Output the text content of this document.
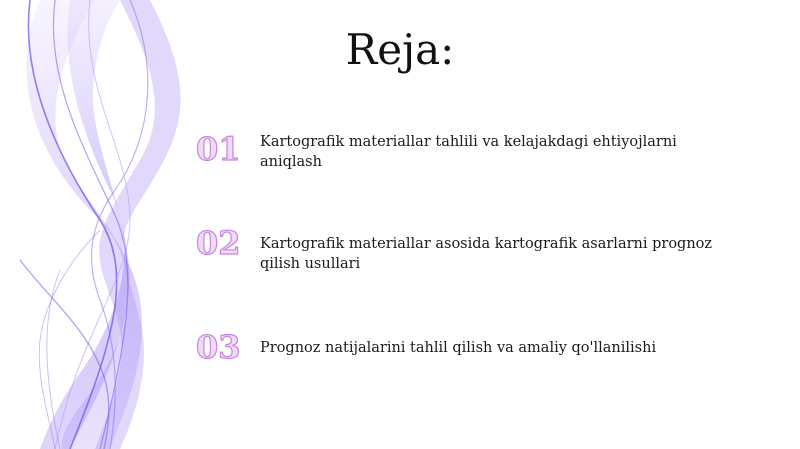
Reja:
01 Kartografik materiallar tahlili va kelajakdagi ehtiyojlarni aniqlash
02 Kartografik materiallar asosida kartografik asarlarni prognoz qilish usullari
03 Prognoz natijalarini tahlil qilish va amaliy qo'llanilishi
